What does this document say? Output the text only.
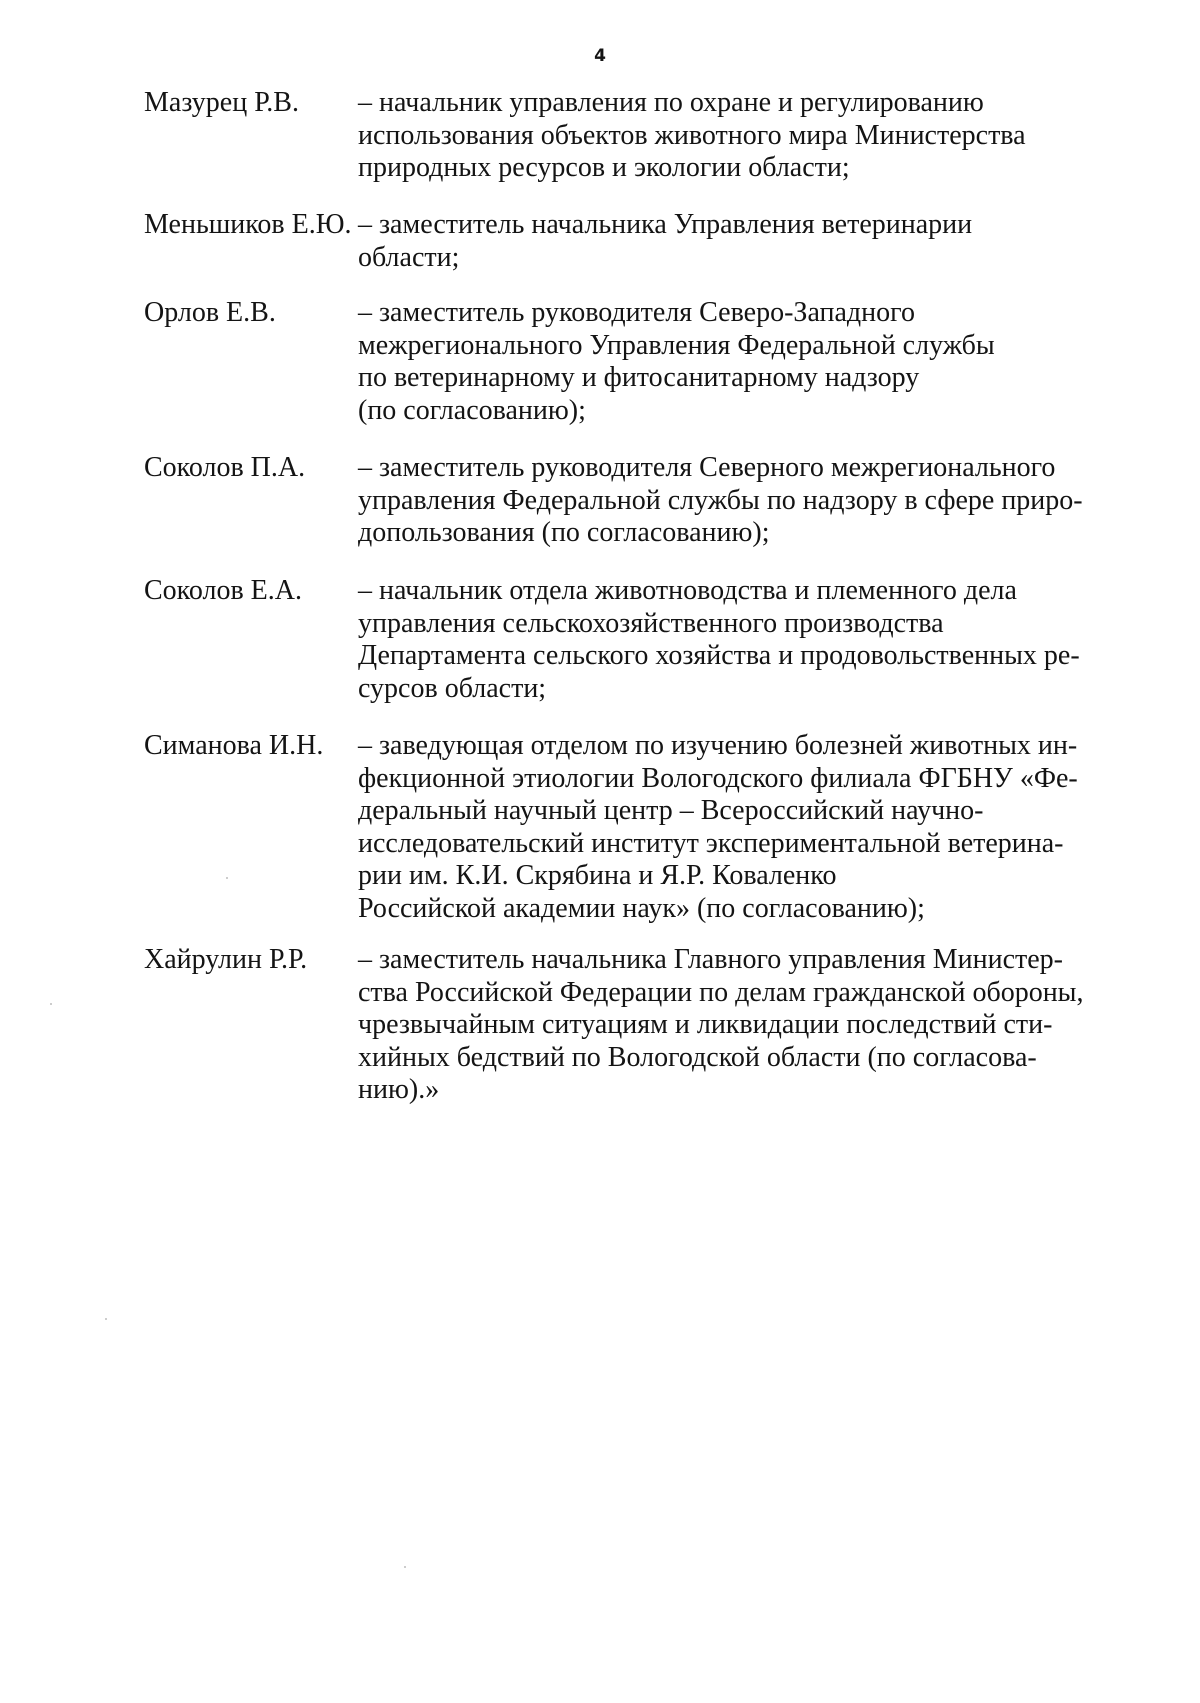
4
Мазурец Р.В. – начальник управления по охране и регулированию
использования объектов животного мира Министерства
природных ресурсов и экологии области;
Меньшиков Е.Ю. – заместитель начальника Управления ветеринарии
области;
Орлов Е.В.	– заместитель руководителя Северо-Западного
межрегионального Управления Федеральной службы
по ветеринарному и фитосанитарному надзору
(по согласованию);
Соколов П.А. – заместитель руководителя Северного межрегионального
управления Федеральной службы по надзору в сфере приро-
допользования (по согласованию);
Соколов Е.А. – начальник отдела животноводства и племенного дела
управления сельскохозяйственного производства
Департамента сельского хозяйства и продовольственных ре-
сурсов области;
Симанова И.Н. – заведующая отделом по изучению болезней животных ин-
фекционной этиологии Вологодского филиала ФГБНУ «Фе-
деральный научный центр – Всероссийский научно-
исследовательский институт экспериментальной ветерина-
рии им. К.И. Скрябина и Я.Р. Коваленко
Российской академии наук» (по согласованию);
Хайрулин Р.Р. – заместитель начальника Главного управления Министер-
ства Российской Федерации по делам гражданской обороны,
чрезвычайным ситуациям и ликвидации последствий сти-
хийных бедствий по Вологодской области (по согласова-
нию).»
